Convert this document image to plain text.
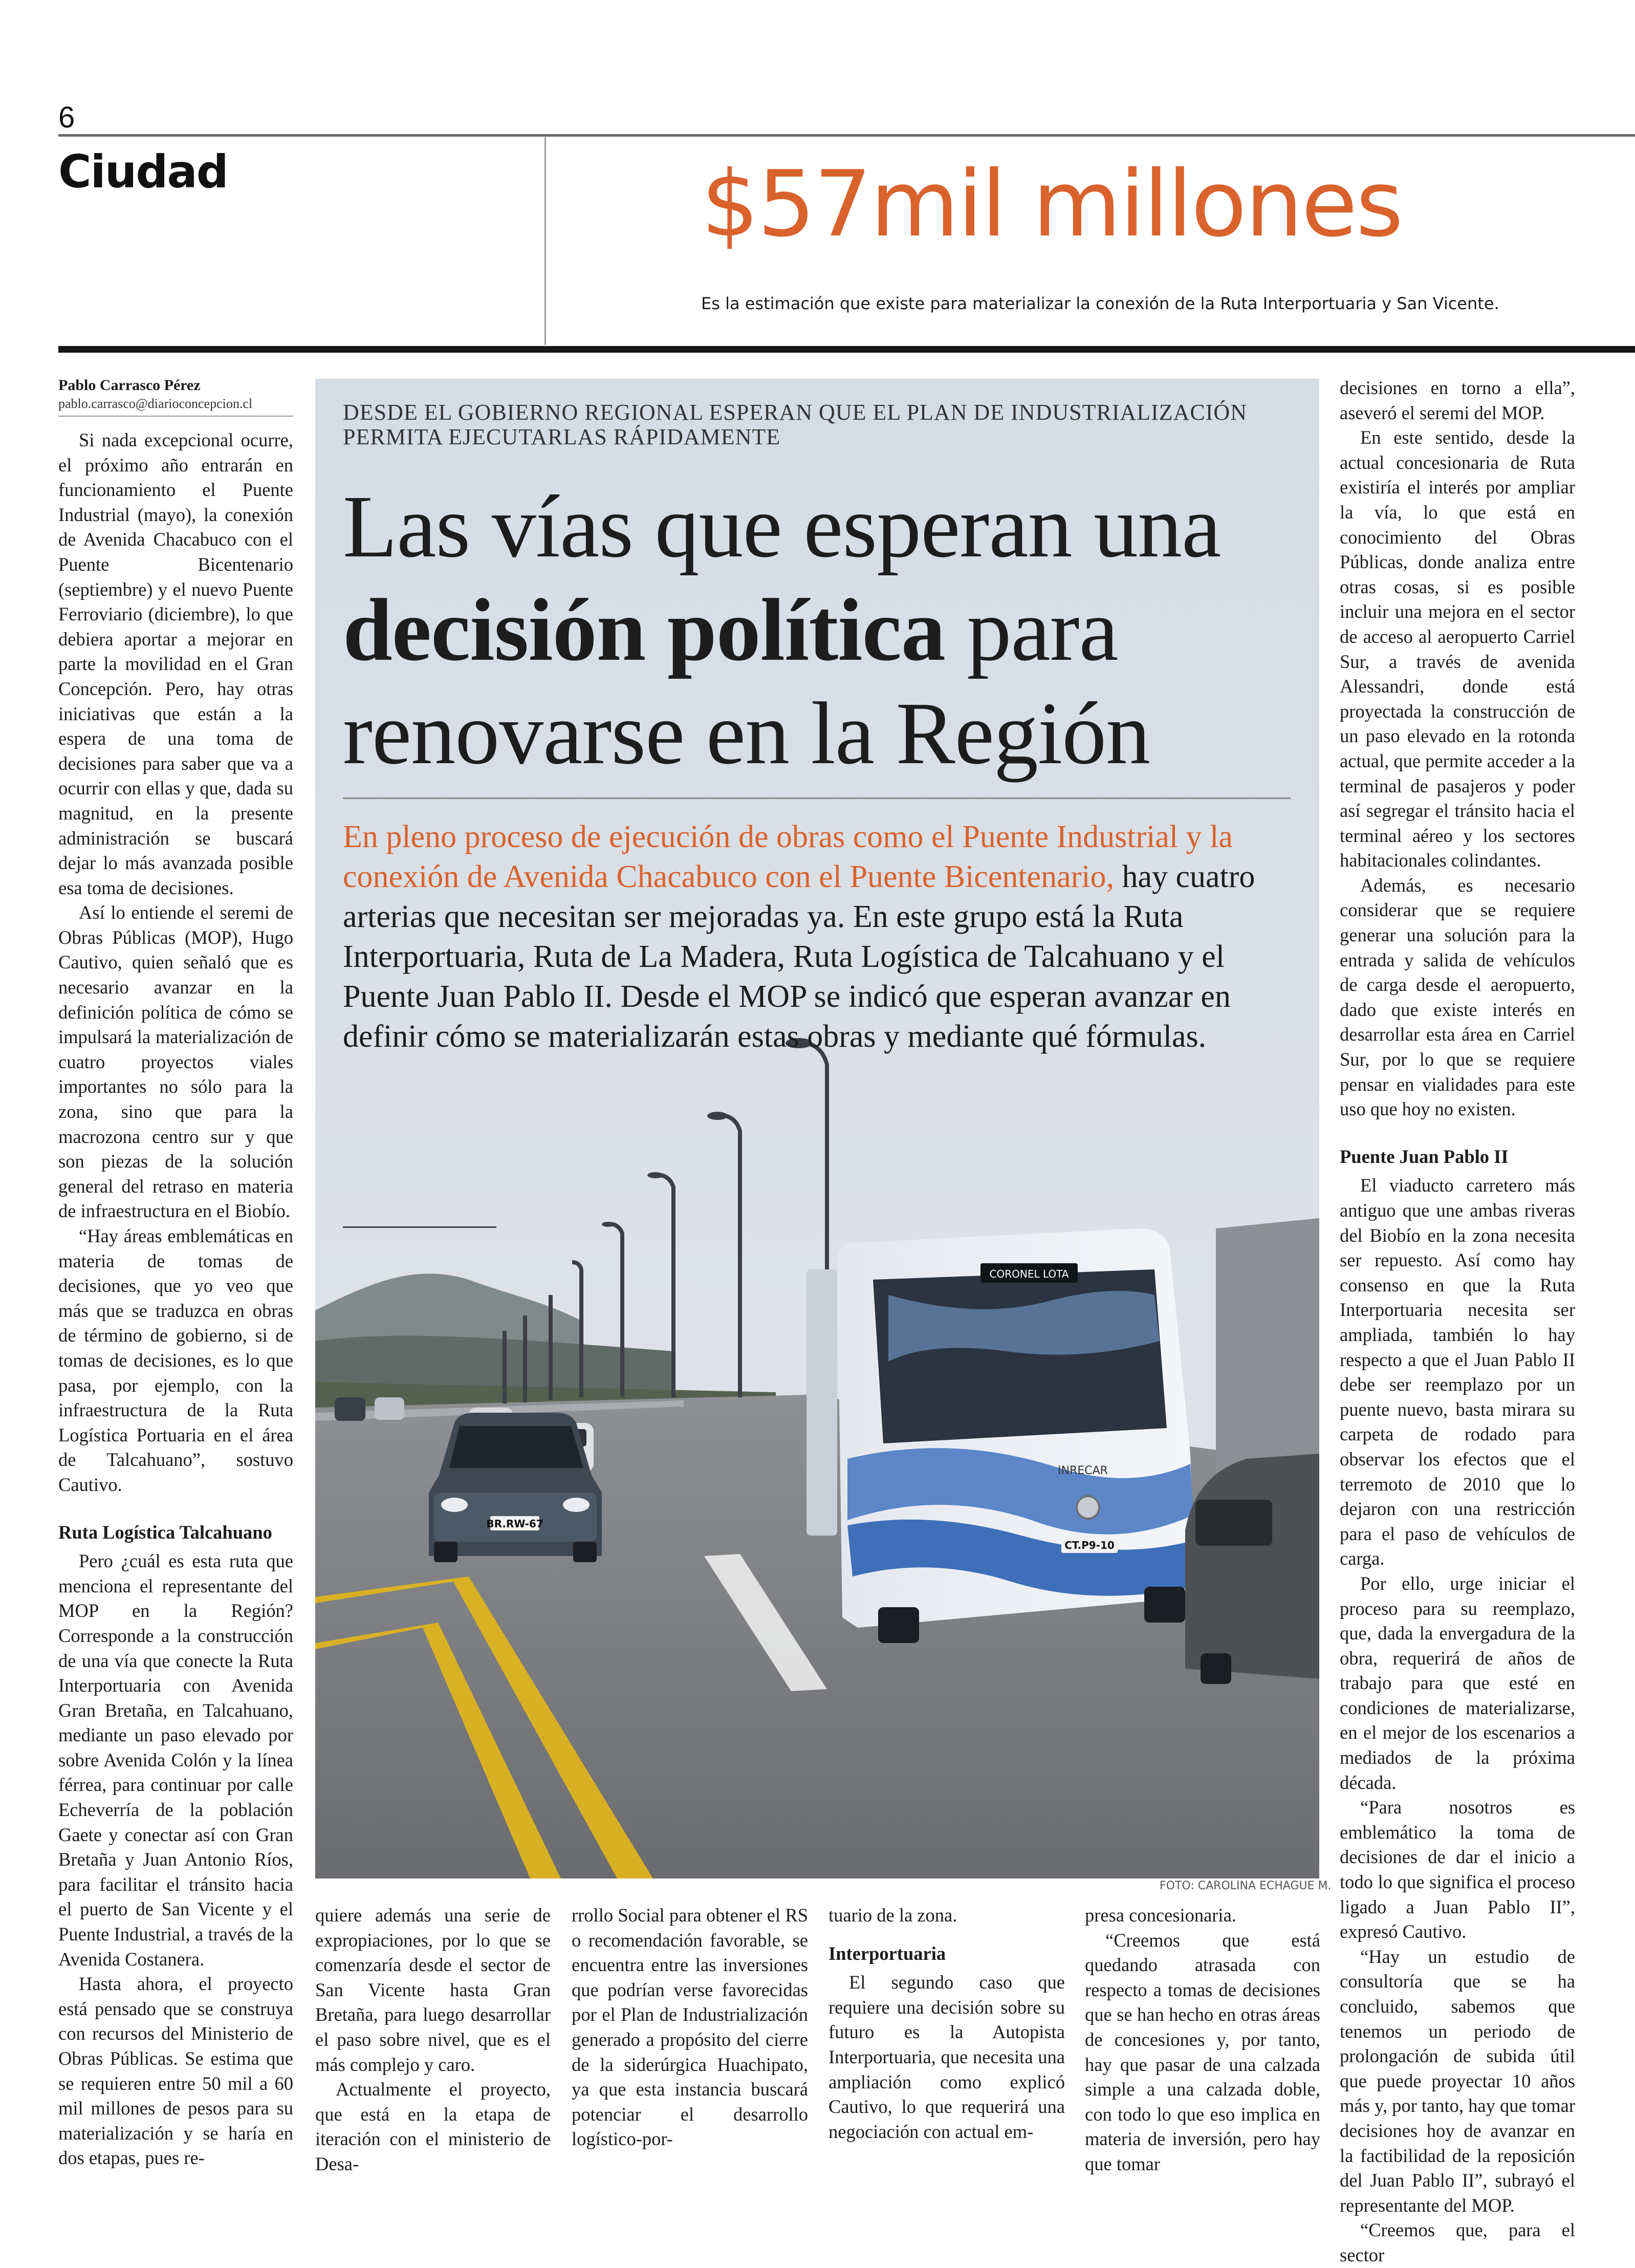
6
Ciudad	$57mil millones
Es la estimación que existe para materializar la conexión de la Ruta Interportuaria y San Vicente.
Pablo Carrasco Pérez
pablo.carrasco@diarioconcepcion.cl

Si nada excepcional ocurre, el próximo año entrarán en funcionamiento el Puente Industrial (mayo), la conexión de Avenida Chacabuco con el Puente Bicentenario (septiembre) y el nuevo Puente Ferroviario (diciembre), lo que debiera aportar a mejorar en parte la movilidad en el Gran Concepción. Pero, hay otras iniciativas que están a la espera de una toma de decisiones para saber que va a ocurrir con ellas y que, dada su magnitud, en la presente administración se buscará dejar lo más avanzada posible esa toma de decisiones.

Así lo entiende el seremi de Obras Públicas (MOP), Hugo Cautivo, quien señaló que es necesario avanzar en la definición política de cómo se impulsará la materialización de cuatro proyectos viales importantes no sólo para la zona, sino que para la macrozona centro sur y que son piezas de la solución general del retraso en materia de infraestructura en el Biobío.

“Hay áreas emblemáticas en materia de tomas de decisiones, que yo veo que más que se traduzca en obras de término de gobierno, si de tomas de decisiones, es lo que pasa, por ejemplo, con la infraestructura de la Ruta Logística Portuaria en el área de Talcahuano”, sostuvo Cautivo.

Ruta Logística Talcahuano

Pero ¿cuál es esta ruta que menciona el representante del MOP en la Región? Corresponde a la construcción de una vía que conecte la Ruta Interportuaria con Avenida Gran Bretaña, en Talcahuano, mediante un paso elevado por sobre Avenida Colón y la línea férrea, para continuar por calle Echeverría de la población Gaete y conectar así con Gran Bretaña y Juan Antonio Ríos, para facilitar el tránsito hacia el puerto de San Vicente y el Puente Industrial, a través de la Avenida Costanera.

Hasta ahora, el proyecto está pensado que se construya con recursos del Ministerio de Obras Públicas. Se estima que se requieren entre 50 mil a 60 mil millones de pesos para su materialización y se haría en dos etapas, pues re-

BR.RW-67
CORONEL LOTA
INRECAR
CT.P9-10
DESDE EL GOBIERNO REGIONAL ESPERAN QUE EL PLAN DE INDUSTRIALIZACIÓN PERMITA EJECUTARLAS RÁPIDAMENTE
Las vías que esperan una
decisión política para
renovarse en la Región
En pleno proceso de ejecución de obras como el Puente Industrial y la conexión de Avenida Chacabuco con el Puente Bicentenario, hay cuatro arterias que necesitan ser mejoradas ya. En este grupo está la Ruta Interportuaria, Ruta de La Madera, Ruta Logística de Talcahuano y el Puente Juan Pablo II. Desde el MOP se indicó que esperan avanzar en definir cómo se materializarán estas obras y mediante qué fórmulas.
FOTO: CAROLINA ECHAGUE M.

quiere además una serie de expropiaciones, por lo que se comenzaría desde el sector de San Vicente hasta Gran Bretaña, para luego desarrollar el paso sobre nivel, que es el más complejo y caro.

Actualmente el proyecto, que está en la etapa de iteración con el ministerio de Desa-

rrollo Social para obtener el RS o recomendación favorable, se encuentra entre las inversiones que podrían verse favorecidas por el Plan de Industrialización generado a propósito del cierre de la siderúrgica Huachipato, ya que esta instancia buscará potenciar el desarrollo logístico-por-

tuario de la zona.

Interportuaria

El segundo caso que requiere una decisión sobre su futuro es la Autopista Interportuaria, que necesita una ampliación como explicó Cautivo, lo que requerirá una negociación con actual em-

presa concesionaria.

“Creemos que está quedando atrasada con respecto a tomas de decisiones que se han hecho en otras áreas de concesiones y, por tanto, hay que pasar de una calzada simple a una calzada doble, con todo lo que eso implica en materia de inversión, pero hay que tomar

decisiones en torno a ella”, aseveró el seremi del MOP.

En este sentido, desde la actual concesionaria de Ruta existiría el interés por ampliar la vía, lo que está en conocimiento del Obras Públicas, donde analiza entre otras cosas, si es posible incluir una mejora en el sector de acceso al aeropuerto Carriel Sur, a través de avenida Alessandri, donde está proyectada la construcción de un paso elevado en la rotonda actual, que permite acceder a la terminal de pasajeros y poder así segregar el tránsito hacia el terminal aéreo y los sectores habitacionales colindantes.

Además, es necesario considerar que se requiere generar una solución para la entrada y salida de vehículos de carga desde el aeropuerto, dado que existe interés en desarrollar esta área en Carriel Sur, por lo que se requiere pensar en vialidades para este uso que hoy no existen.

Puente Juan Pablo II

El viaducto carretero más antiguo que une ambas riveras del Biobío en la zona necesita ser repuesto. Así como hay consenso en que la Ruta Interportuaria necesita ser ampliada, también lo hay respecto a que el Juan Pablo II debe ser reemplazo por un puente nuevo, basta mirara su carpeta de rodado para observar los efectos que el terremoto de 2010 que lo dejaron con una restricción para el paso de vehículos de carga.

Por ello, urge iniciar el proceso para su reemplazo, que, dada la envergadura de la obra, requerirá de años de trabajo para que esté en condiciones de materializarse, en el mejor de los escenarios a mediados de la próxima década.

“Para nosotros es emblemático la toma de decisiones de dar el inicio a todo lo que significa el proceso ligado a Juan Pablo II”, expresó Cautivo.

“Hay un estudio de consultoría que se ha concluido, sabemos que tenemos un periodo de prolongación de subida útil que puede proyectar 10 años más y, por tanto, hay que tomar decisiones hoy de avanzar en la factibilidad de la reposición del Juan Pablo II”, subrayó el representante del MOP.

“Creemos que, para el sector
